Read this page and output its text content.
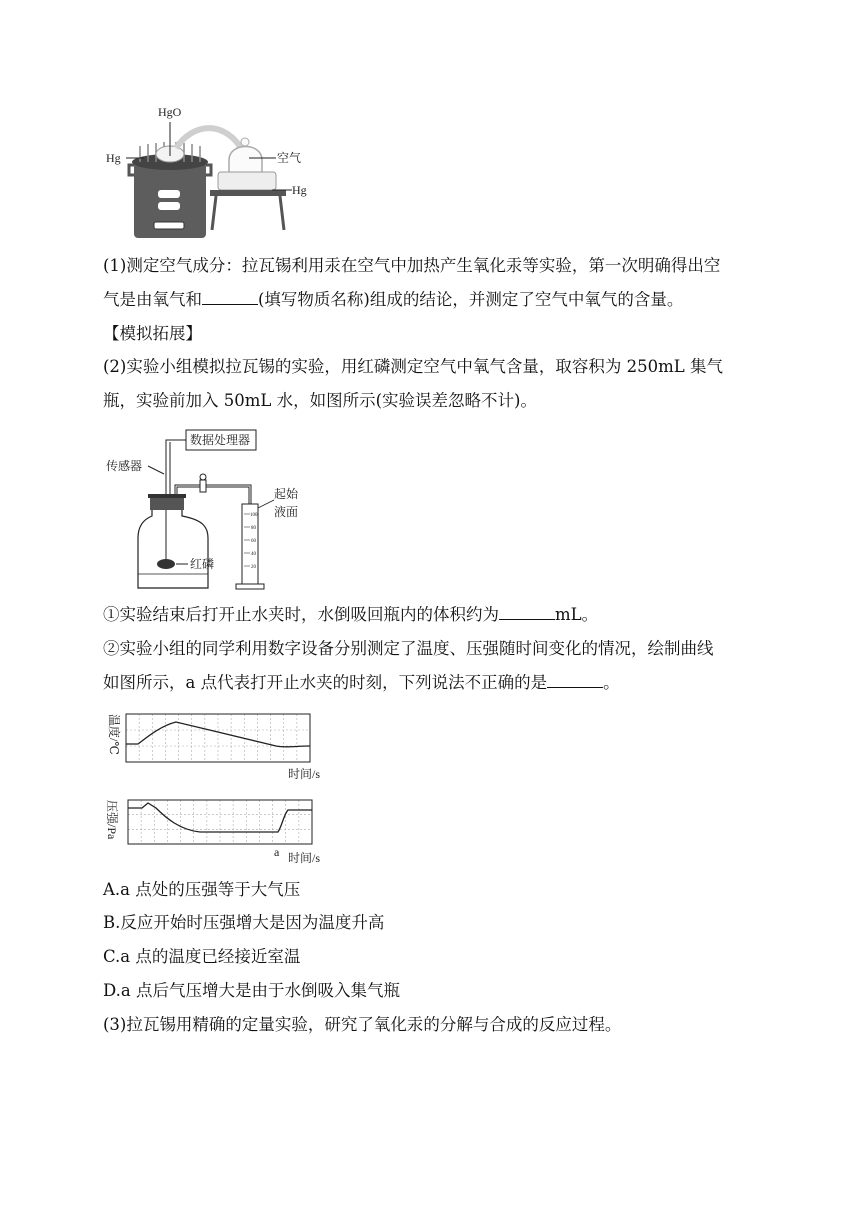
HgO
Hg	空气
Hg
(1)测定空气成分：拉瓦锡利用汞在空气中加热产生氧化汞等实验，第一次明确得出空
气是由氧气和	(填写物质名称)组成的结论，并测定了空气中氧气的含量。
【模拟拓展】
(2)实验小组模拟拉瓦锡的实验，用红磷测定空气中氧气含量，取容积为 250mL 集气
瓶，实验前加入 50mL 水，如图所示(实验误差忽略不计)。
数据处理器
传感器
红磷
100
80
60
40
20
起始
液面
①实验结束后打开止水夹时，水倒吸回瓶内的体积约为	mL。
②实验小组的同学利用数字设备分别测定了温度、压强随时间变化的情况，绘制曲线
如图所示，a 点代表打开止水夹的时刻，下列说法不正确的是	。
温度/℃
时间/s
压强/Pa
a 时间/s
A.a 点处的压强等于大气压
B.反应开始时压强增大是因为温度升高
C.a 点的温度已经接近室温
D.a 点后气压增大是由于水倒吸入集气瓶
(3)拉瓦锡用精确的定量实验，研究了氧化汞的分解与合成的反应过程。
